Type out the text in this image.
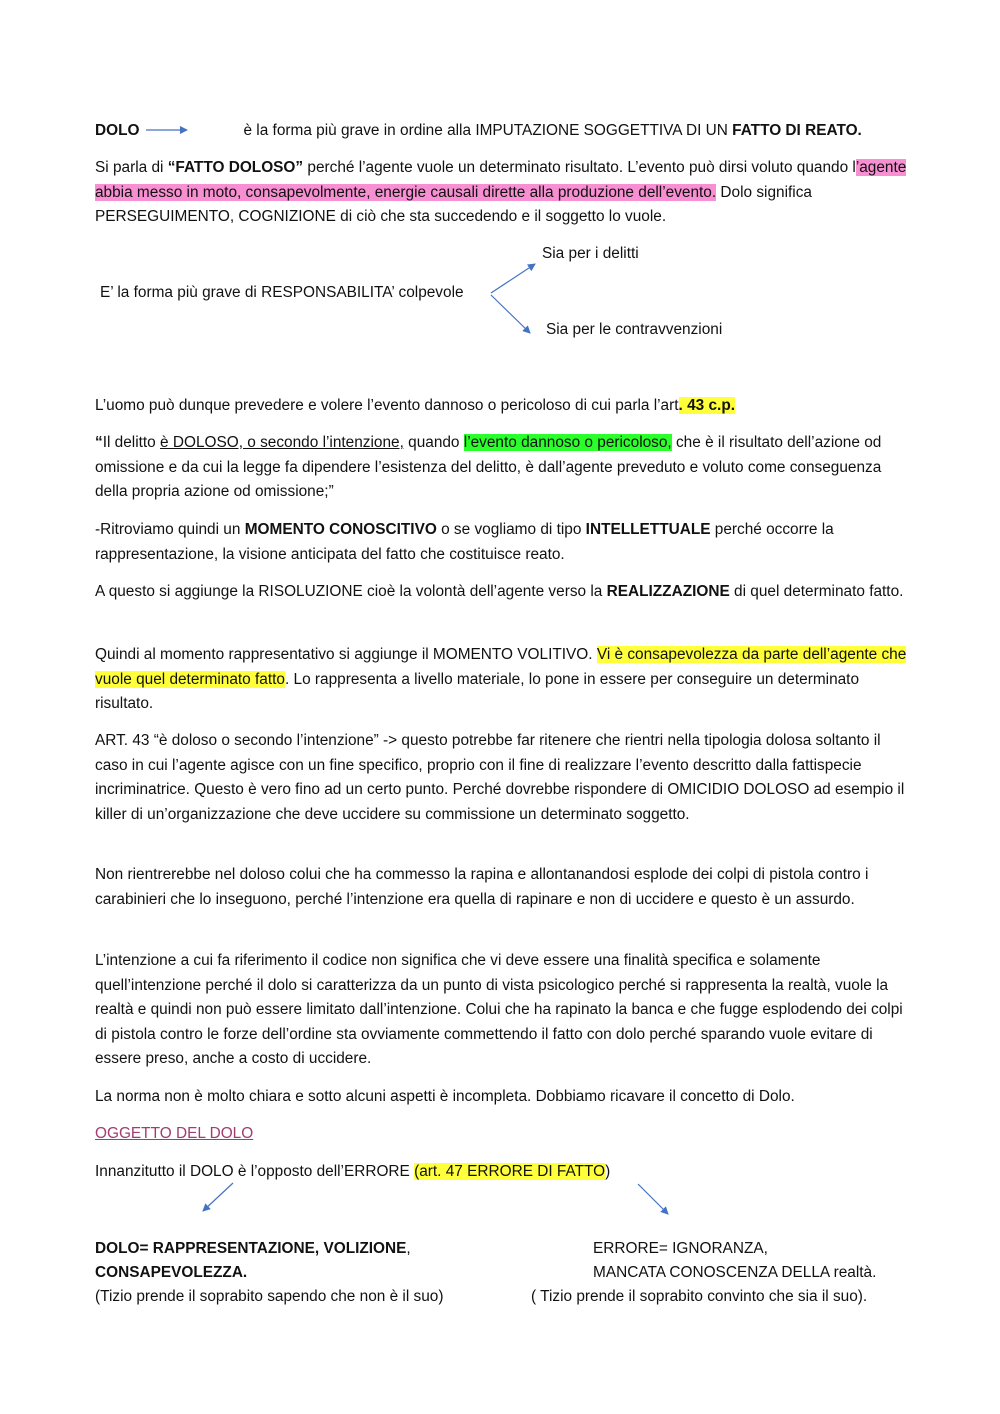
DOLO	è la forma più grave in ordine alla IMPUTAZIONE SOGGETTIVA DI UN FATTO DI REATO.
Si parla di “FATTO DOLOSO” perché l’agente vuole un determinato risultato. L’evento può dirsi voluto quando l’agente abbia messo in moto, consapevolmente, energie causali dirette alla produzione dell’evento. Dolo significa PERSEGUIMENTO, COGNIZIONE di ciò che sta succedendo e il soggetto lo vuole.
Sia per i delitti
E’ la forma più grave di RESPONSABILITA’ colpevole
Sia per le contravvenzioni
L’uomo può dunque prevedere e volere l’evento dannoso o pericoloso di cui parla l’art. 43 c.p.
“Il delitto è DOLOSO, o secondo l’intenzione, quando l’evento dannoso o pericoloso, che è il risultato dell’azione od omissione e da cui la legge fa dipendere l’esistenza del delitto, è dall’agente preveduto e voluto come conseguenza della propria azione od omissione;”
-Ritroviamo quindi un MOMENTO CONOSCITIVO o se vogliamo di tipo INTELLETTUALE perché occorre la rappresentazione, la visione anticipata del fatto che costituisce reato.
A questo si aggiunge la RISOLUZIONE cioè la volontà dell’agente verso la REALIZZAZIONE di quel determinato fatto.
Quindi al momento rappresentativo si aggiunge il MOMENTO VOLITIVO. Vi è consapevolezza da parte dell’agente che vuole quel determinato fatto. Lo rappresenta a livello materiale, lo pone in essere per conseguire un determinato risultato.
ART. 43 “è doloso o secondo l’intenzione” -> questo potrebbe far ritenere che rientri nella tipologia dolosa soltanto il caso in cui l’agente agisce con un fine specifico, proprio con il fine di realizzare l’evento descritto dalla fattispecie incriminatrice. Questo è vero fino ad un certo punto. Perché dovrebbe rispondere di OMICIDIO DOLOSO ad esempio il killer di un’organizzazione che deve uccidere su commissione un determinato soggetto.
Non rientrerebbe nel doloso colui che ha commesso la rapina e allontanandosi esplode dei colpi di pistola contro i carabinieri che lo inseguono, perché l’intenzione era quella di rapinare e non di uccidere e questo è un assurdo.
L’intenzione a cui fa riferimento il codice non significa che vi deve essere una finalità specifica e solamente quell’intenzione perché il dolo si caratterizza da un punto di vista psicologico perché si rappresenta la realtà, vuole la realtà e quindi non può essere limitato dall’intenzione. Colui che ha rapinato la banca e che fugge esplodendo dei colpi di pistola contro le forze dell’ordine sta ovviamente commettendo il fatto con dolo perché sparando vuole evitare di essere preso, anche a costo di uccidere.
La norma non è molto chiara e sotto alcuni aspetti è incompleta. Dobbiamo ricavare il concetto di Dolo.
OGGETTO DEL DOLO
Innanzitutto il DOLO è l’opposto dell’ERRORE (art. 47 ERRORE DI FATTO)
DOLO= RAPPRESENTAZIONE, VOLIZIONE,
CONSAPEVOLEZZA.
(Tizio prende il soprabito sapendo che non è il suo)
ERRORE= IGNORANZA,
MANCATA CONOSCENZA DELLA realtà.
( Tizio prende il soprabito convinto che sia il suo).
